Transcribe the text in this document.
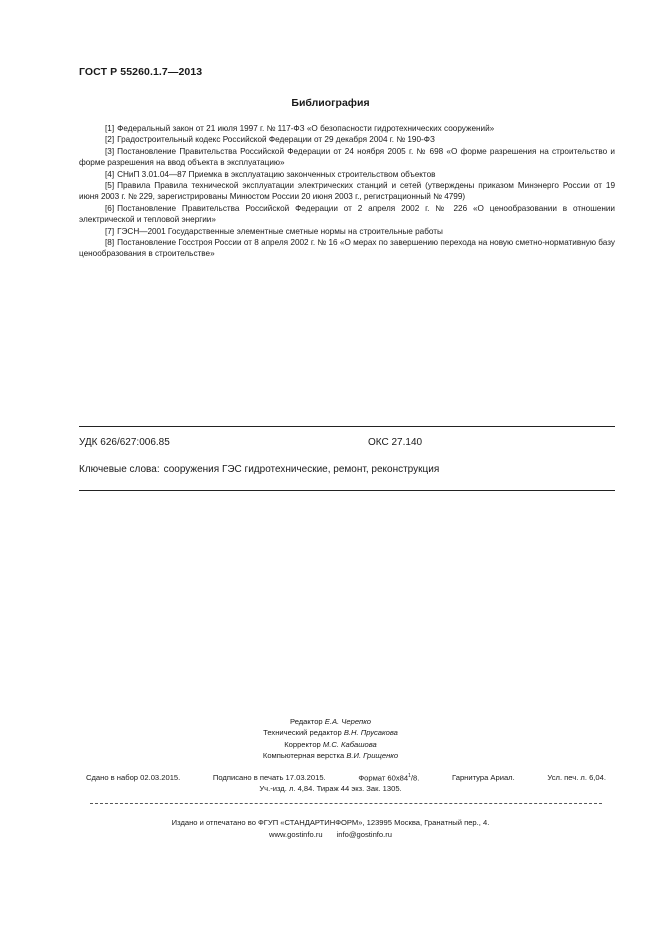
ГОСТ Р 55260.1.7—2013
Библиография

[1] Федеральный закон от 21 июля 1997 г. № 117-ФЗ «О безопасности гидротехнических сооружений»

[2] Градостроительный кодекс Российской Федерации от 29 декабря 2004 г. № 190-ФЗ

[3] Постановление Правительства Российской Федерации от 24 ноября 2005 г. № 698 «О форме разрешения на строительство и форме разрешения на ввод объекта в эксплуатацию»

[4] СНиП 3.01.04—87 Приемка в эксплуатацию законченных строительством объектов

[5] Правила Правила технической эксплуатации электрических станций и сетей (утверждены приказом Минэнерго России от 19 июня 2003 г. № 229, зарегистрированы Минюстом России 20 июня 2003 г., регистрационный № 4799)

[6] Постановление Правительства Российской Федерации от 2 апреля 2002 г. № 226 «О ценообразовании в отношении электрической и тепловой энергии»

[7] ГЭСН—2001 Государственные элементные сметные нормы на строительные работы

[8] Постановление Госстроя России от 8 апреля 2002 г. № 16 «О мерах по завершению перехода на новую сметно-нормативную базу ценообразования в строительстве»

УДК 626/627:006.85	ОКС 27.140
Ключевые слова: сооружения ГЭС гидротехнические, ремонт, реконструкция
Редактор Е.А. Черепко
Технический редактор В.Н. Прусакова
Корректор М.С. Кабашова
Компьютерная верстка В.И. Грищенко
Сдано в набор 02.03.2015.	Подписано в печать 17.03.2015.	Формат $60x84^1/8$.	Гарнитура Ариал.	Усл. печ. л. 6,04.
Уч.-изд. л. 4,84. Тираж 44 экз. Зак. 1305.
Издано и отпечатано во ФГУП «СТАНДАРТИНФОРМ», 123995 Москва, Гранатный пер., 4.
www.gostinfo.ru info@gostinfo.ru
